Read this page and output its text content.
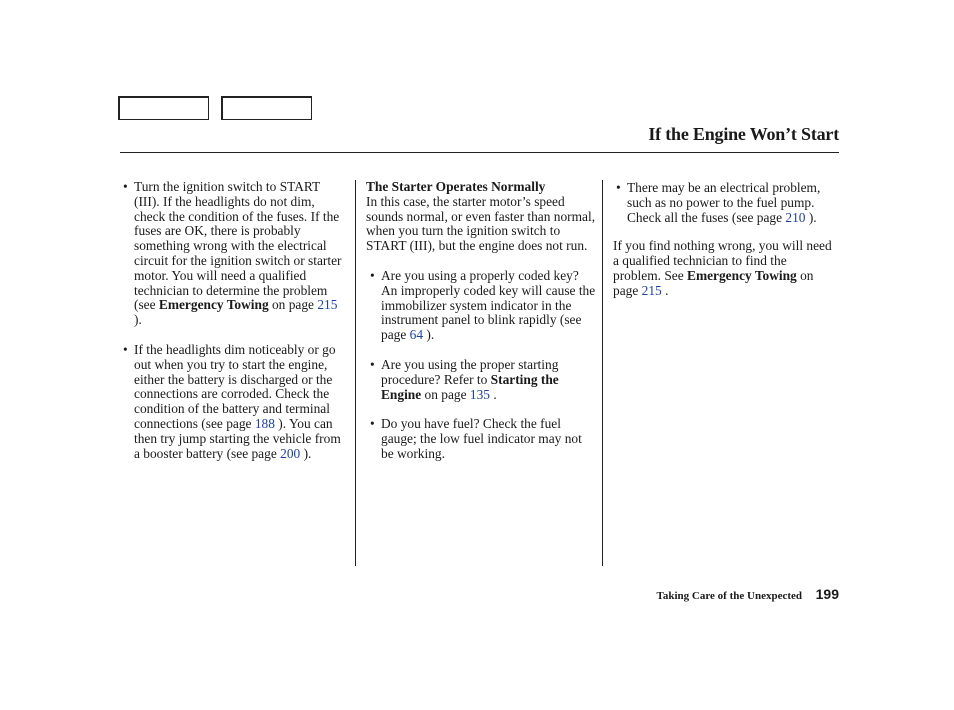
If the Engine Won’t Start
• Turn the ignition switch to START (III). If the headlights do not dim, check the condition of the fuses. If the fuses are OK, there is probably something wrong with the electrical circuit for the ignition switch or starter motor. You will need a qualified technician to determine the problem (see Emergency Towing on page 215 ).
• If the headlights dim noticeably or go out when you try to start the engine, either the battery is discharged or the connections are corroded. Check the condition of the battery and terminal connections (see page 188 ). You can then try jump starting the vehicle from a booster battery (see page 200 ).

The Starter Operates Normally

In this case, the starter motor’s speed sounds normal, or even faster than normal, when you turn the ignition switch to START (III), but the engine does not run.

• Are you using a properly coded key? An improperly coded key will cause the immobilizer system indicator in the instrument panel to blink rapidly (see page 64 ).
• Are you using the proper starting procedure? Refer to Starting the Engine on page 135 .
• Do you have fuel? Check the fuel gauge; the low fuel indicator may not be working.
• There may be an electrical problem, such as no power to the fuel pump. Check all the fuses (see page 210 ).

If you find nothing wrong, you will need a qualified technician to find the problem. See Emergency Towing on page 215 .

Taking Care of the Unexpected 199
